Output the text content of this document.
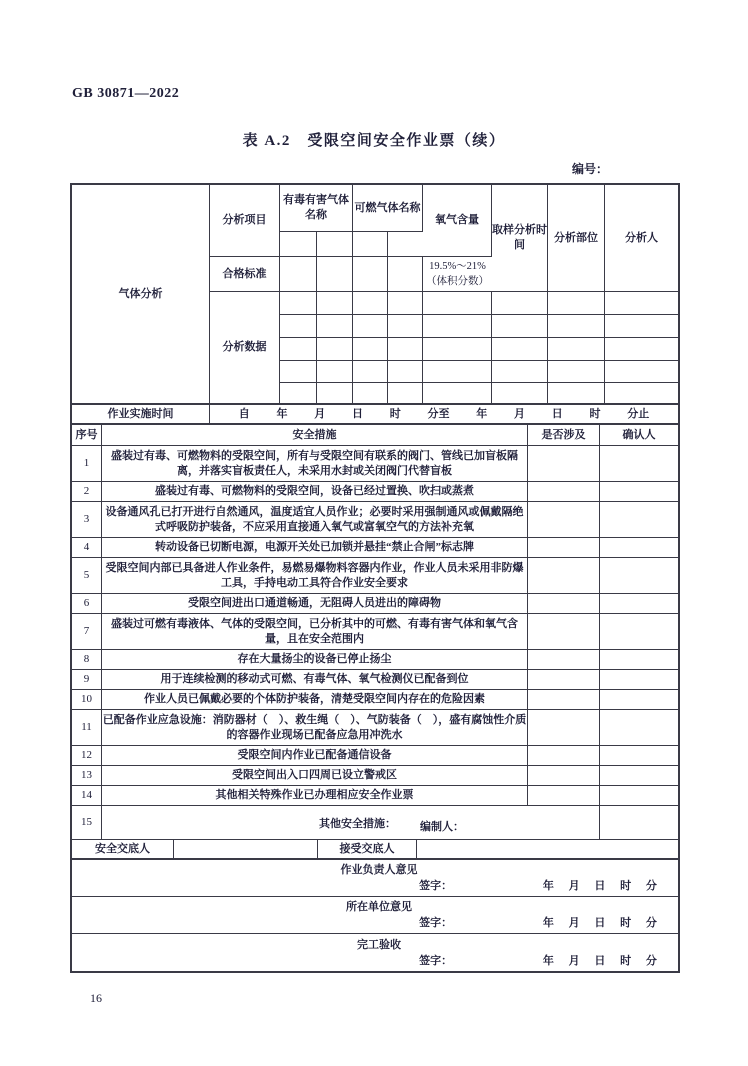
GB 30871—2022
表 A.2　受限空间安全作业票（续）
编号：
气体分析	分析项目	有毒有害气体名称		可燃气体名称		氧气含量	取样分析时间	分析部位	分析人

	合格标准					19.5%～21%（体积分数）			
	分析数据								

作业实施时间	自 年 月 日 时 分至 年 月 日 时 分止								
序号	安全措施	是否涉及	确认人
1	盛装过有毒、可燃物料的受限空间，所有与受限空间有联系的阀门、管线已加盲板隔离，并落实盲板责任人，未采用水封或关闭阀门代替盲板		
2	盛装过有毒、可燃物料的受限空间，设备已经过置换、吹扫或蒸煮		
3	设备通风孔已打开进行自然通风，温度适宜人员作业；必要时采用强制通风或佩戴隔绝式呼吸防护装备，不应采用直接通入氧气或富氧空气的方法补充氧		
4	转动设备已切断电源，电源开关处已加锁并悬挂“禁止合闸”标志牌		
5	受限空间内部已具备进人作业条件，易燃易爆物料容器内作业，作业人员未采用非防爆工具，手持电动工具符合作业安全要求		
6	受限空间进出口通道畅通，无阻碍人员进出的障碍物		
7	盛装过可燃有毒液体、气体的受限空间，已分析其中的可燃、有毒有害气体和氧气含量，且在安全范围内		
8	存在大量扬尘的设备已停止扬尘		
9	用于连续检测的移动式可燃、有毒气体、氧气检测仪已配备到位		
10	作业人员已佩戴必要的个体防护装备，清楚受限空间内存在的危险因素		
11	已配备作业应急设施：消防器材（　）、救生绳（　）、气防装备（　），盛有腐蚀性介质的容器作业现场已配备应急用冲洗水		
12	受限空间内作业已配备通信设备		
13	受限空间出入口四周已设立警戒区		
14	其他相关特殊作业已办理相应安全作业票		
15	其他安全措施： 编制人：		

安全交底人		接受交底人	
作业负责人意见
签字：	年 月 日 时 分

所在单位意见
签字：	年 月 日 时 分

完工验收
签字：	年 月 日 时 分
16
